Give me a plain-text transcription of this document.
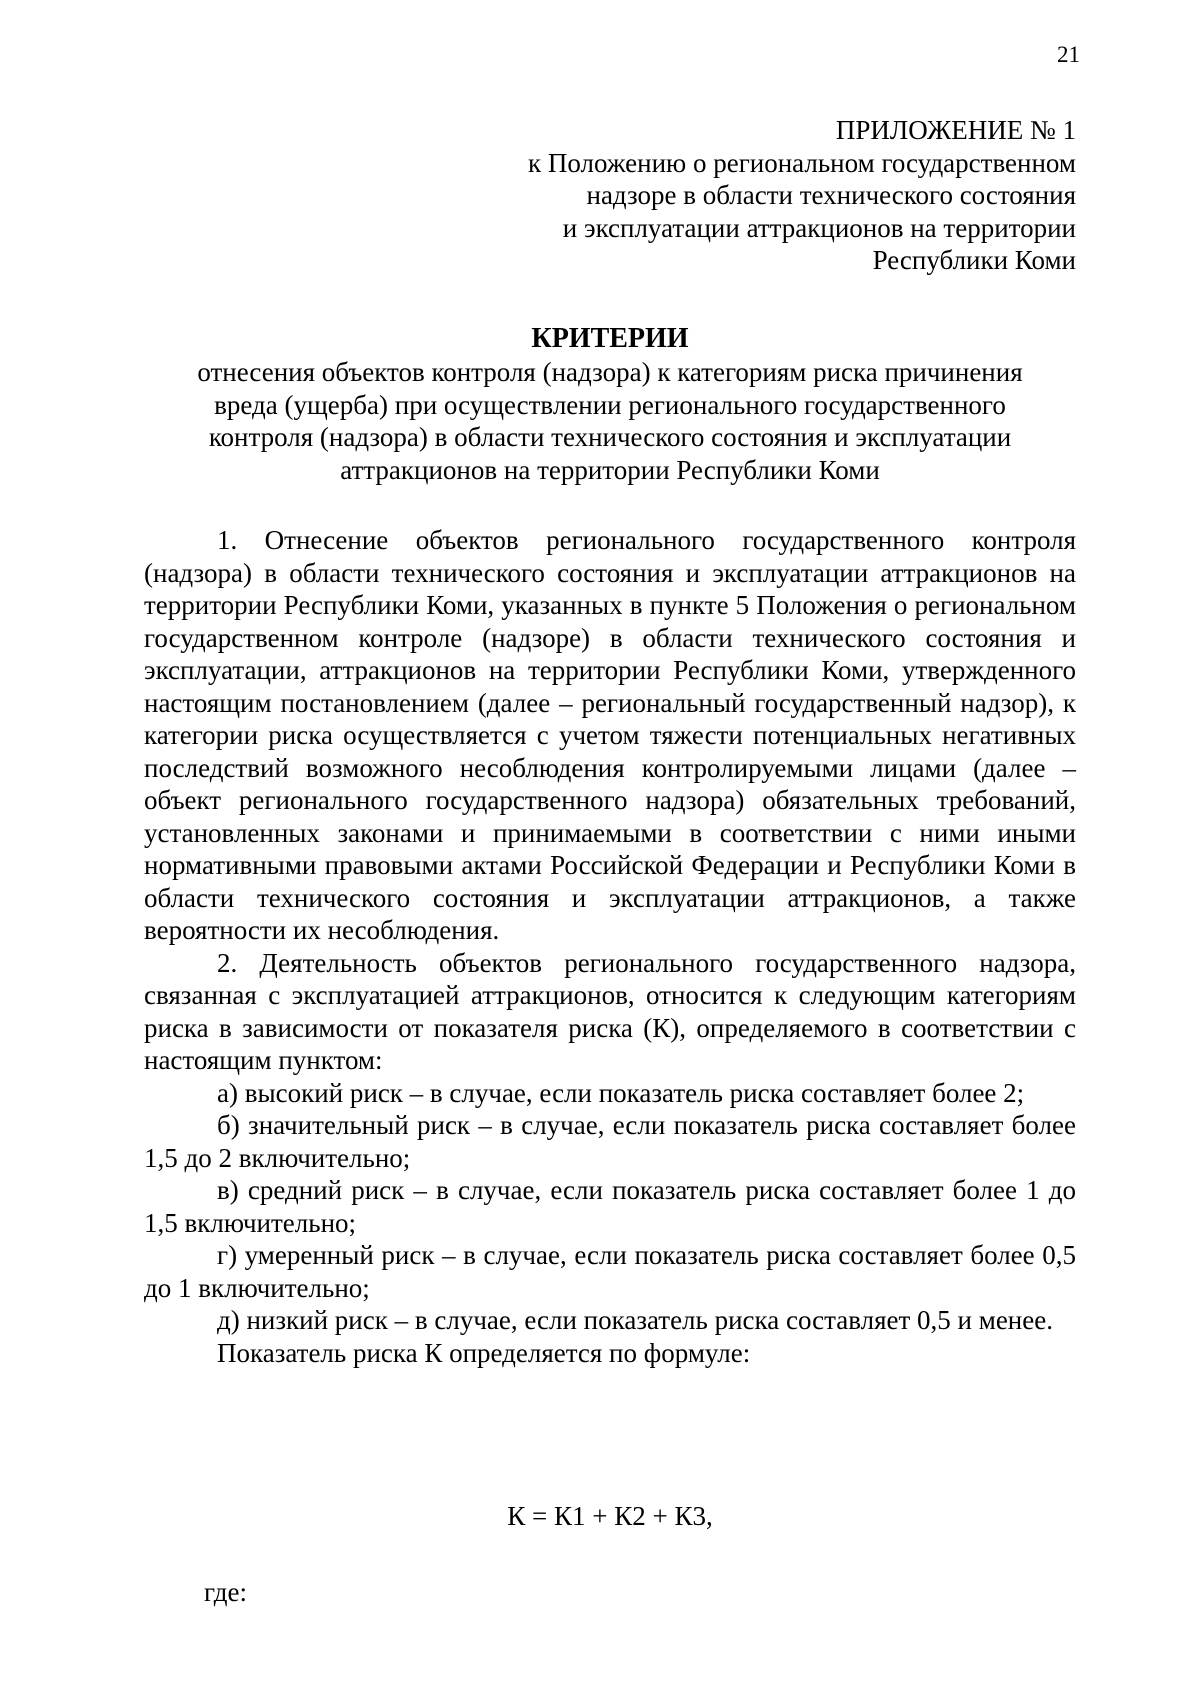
21
ПРИЛОЖЕНИЕ № 1
к Положению о региональном государственном
надзоре в области технического состояния
и эксплуатации аттракционов на территории
Республики Коми
КРИТЕРИИ
отнесения объектов контроля (надзора) к категориям риска причинения
вреда (ущерба) при осуществлении регионального государственного
контроля (надзора) в области технического состояния и эксплуатации
аттракционов на территории Республики Коми

1. Отнесение объектов регионального государственного контроля (надзора) в области технического состояния и эксплуатации аттракционов на территории Республики Коми, указанных в пункте 5 Положения о региональном государственном контроле (надзоре) в области технического состояния и эксплуатации, аттракционов на территории Республики Коми, утвержденного настоящим постановлением (далее – региональный государственный надзор), к категории риска осуществляется с учетом тяжести потенциальных негативных последствий возможного несоблюдения контролируемыми лицами (далее – объект регионального государственного надзора) обязательных требований, установленных законами и принимаемыми в соответствии с ними иными нормативными правовыми актами Российской Федерации и Республики Коми в области технического состояния и эксплуатации аттракционов, а также вероятности их несоблюдения.

2. Деятельность объектов регионального государственного надзора, связанная с эксплуатацией аттракционов, относится к следующим категориям риска в зависимости от показателя риска (К), определяемого в соответствии с настоящим пунктом:

а) высокий риск – в случае, если показатель риска составляет более 2;

б) значительный риск – в случае, если показатель риска составляет более 1,5 до 2 включительно;

в) средний риск – в случае, если показатель риска составляет более 1 до 1,5 включительно;

г) умеренный риск – в случае, если показатель риска составляет более 0,5 до 1 включительно;

д) низкий риск – в случае, если показатель риска составляет 0,5 и менее.

Показатель риска К определяется по формуле:

К = К1 + К2 + К3,
где:
